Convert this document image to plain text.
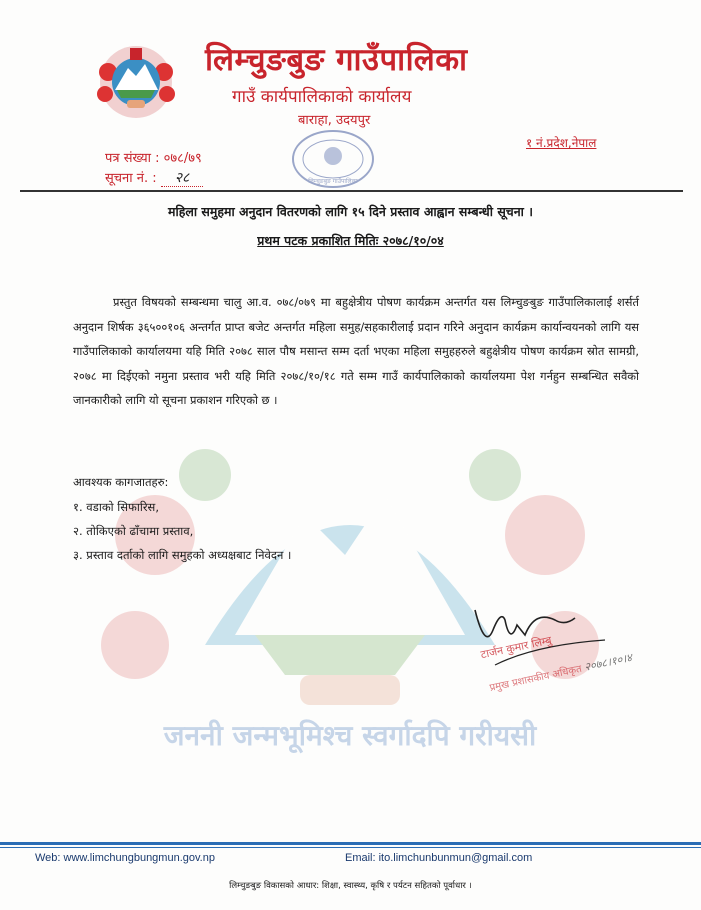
जननी जन्मभूमिश्च स्वर्गादपि गरीयसी
लिम्चुङबुङ गाउँपालिका
गाउँ कार्यपालिकाको कार्यालय
बाराहा, उदयपुर
१ नं.प्रदेश,नेपाल
पत्र संख्या : ०७८/७९
सूचना नं. : २८	लिम्चुङबुङ गाउँपालिका
महिला समुहमा अनुदान वितरणको लागि १५ दिने प्रस्ताव आह्वान सम्बन्धी सूचना ।
प्रथम पटक प्रकाशित मितिः २०७८/१०/०४

प्रस्तुत विषयको सम्बन्धमा चालु आ.व. ०७८/०७९ मा बहुक्षेत्रीय पोषण कार्यक्रम अन्तर्गत यस लिम्चुङबुङ गाउँपालिकालाई शर्सर्त अनुदान शिर्षक ३६५००१०६ अन्तर्गत प्राप्त बजेट अन्तर्गत महिला समुह/सहकारीलाई प्रदान गरिने अनुदान कार्यक्रम कार्यान्वयनको लागि यस गाउँपालिकाको कार्यालयमा यहि मिति २०७८ साल पौष मसान्त सम्म दर्ता भएका महिला समुहहरुले बहुक्षेत्रीय पोषण कार्यक्रम स्रोत सामग्री, २०७८ मा दिईएको नमुना प्रस्ताव भरी यहि मिति २०७८/१०/१८ गते सम्म गाउँ कार्यपालिकाको कार्यालयमा पेश गर्नहुन सम्बन्धित सवैको जानकारीको लागि यो सूचना प्रकाशन गरिएको छ ।

आवश्यक कागजातहरु:
१. वडाको सिफारिस,
२. तोकिएको ढाँचामा प्रस्ताव,
३. प्रस्ताव दर्ताको लागि समुहको अध्यक्षबाट निवेदन ।
टार्जन कुमार लिम्बु
प्रमुख प्रशासकीय अधिकृत २०७८।१०।४
Web: www.limchungbungmun.gov.np	Email: ito.limchunbunmun@gmail.com
लिम्चुङबुङ विकासको आधार: शिक्षा, स्वास्थ्य, कृषि र पर्यटन सहितको पूर्वाधार ।
